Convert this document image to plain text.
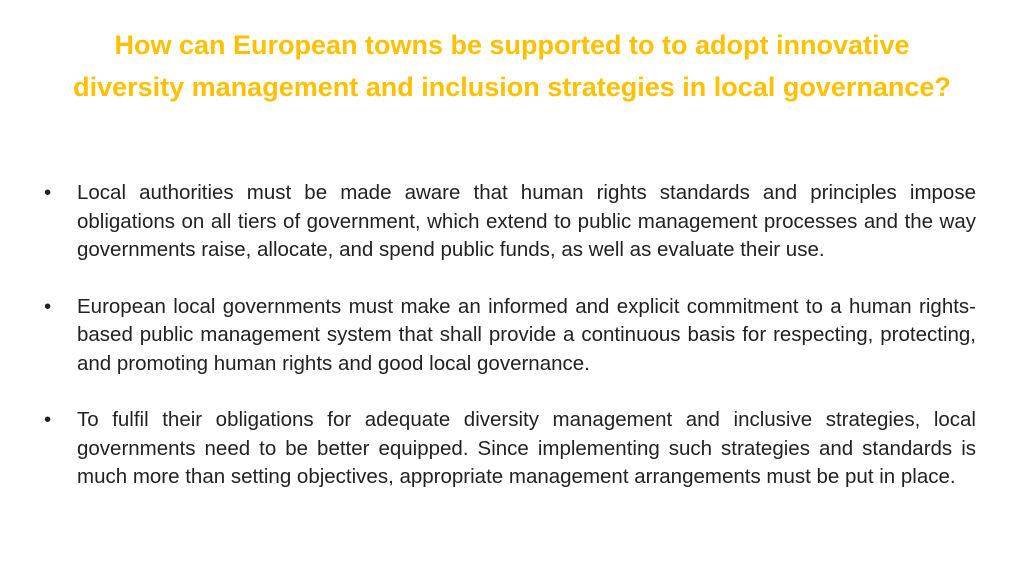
How can European towns be supported to to adopt innovative diversity management and inclusion strategies in local governance?
•	Local authorities must be made aware that human rights standards and principles impose obligations on all tiers of government, which extend to public management processes and the way governments raise, allocate, and spend public funds, as well as evaluate their use.
•	European local governments must make an informed and explicit commitment to a human rights-based public management system that shall provide a continuous basis for respecting, protecting, and promoting human rights and good local governance.
•	To fulfil their obligations for adequate diversity management and inclusive strategies, local governments need to be better equipped. Since implementing such strategies and standards is much more than setting objectives, appropriate management arrangements must be put in place.
